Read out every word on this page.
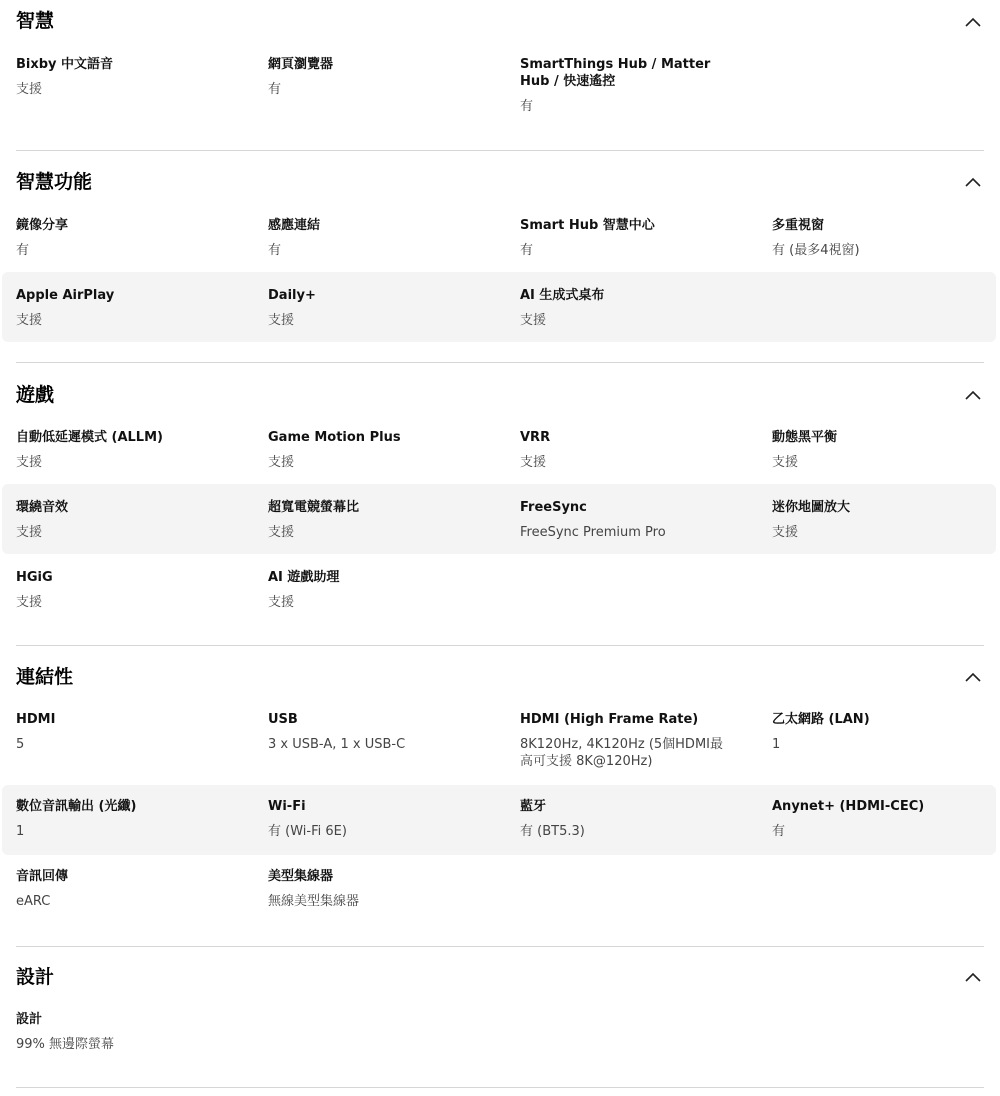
智慧
Bixby 中文語音
支援
網頁瀏覽器
有
SmartThings Hub / Matter Hub / 快速遙控
有
智慧功能
鏡像分享
有
感應連結
有
Smart Hub 智慧中心
有
多重視窗
有 (最多4視窗)
Apple AirPlay
支援
Daily+
支援
AI 生成式桌布
支援
遊戲
自動低延遲模式 (ALLM)
支援
Game Motion Plus
支援
VRR
支援
動態黑平衡
支援
環繞音效
支援
超寬電競螢幕比
支援
FreeSync
FreeSync Premium Pro
迷你地圖放大
支援
HGiG
支援
AI 遊戲助理
支援
連結性
HDMI
5
USB
3 x USB-A, 1 x USB-C
HDMI (High Frame Rate)
8K120Hz, 4K120Hz (5個HDMI最高可支援 8K@120Hz)
乙太網路 (LAN)
1
數位音訊輸出 (光纖)
1
Wi-Fi
有 (Wi-Fi 6E)
藍牙
有 (BT5.3)
Anynet+ (HDMI-CEC)
有
音訊回傳
eARC
美型集線器
無線美型集線器
設計
設計
99% 無邊際螢幕
